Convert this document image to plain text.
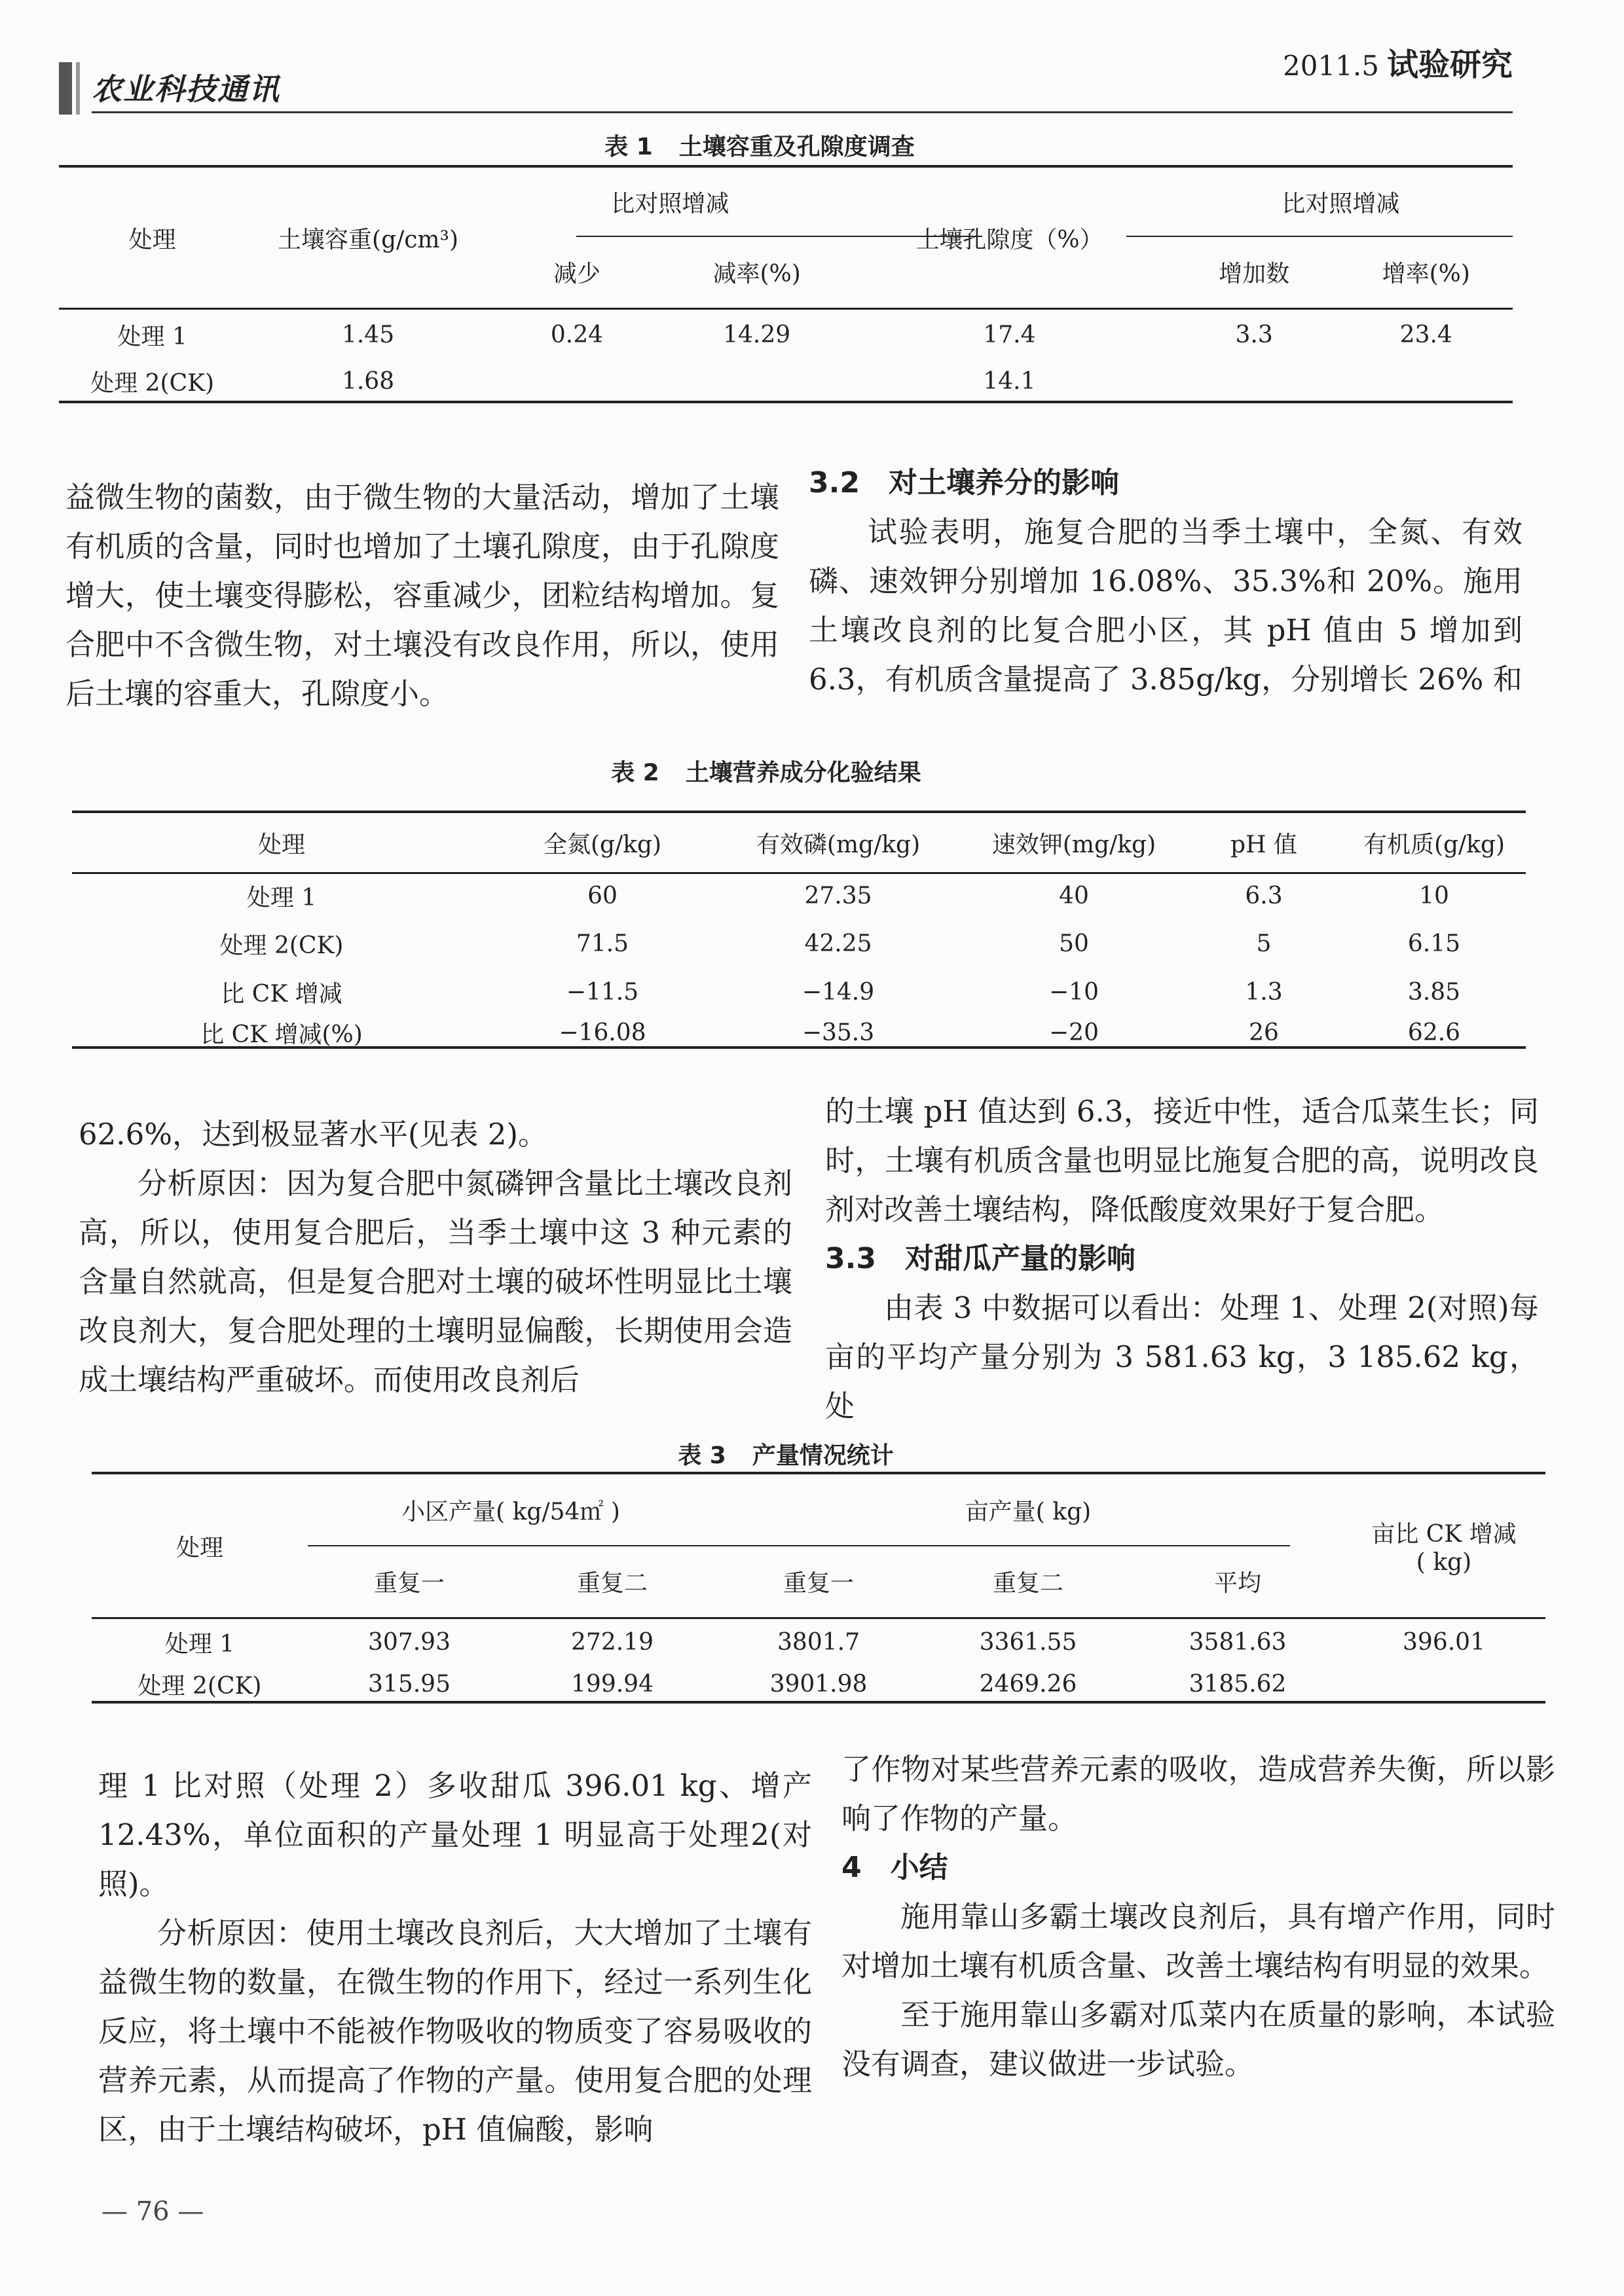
农业科技通讯
2011.5 试验研究
表 1 土壤容重及孔隙度调查
处理	土壤容重(g/cm³)	比对照增减		土壤孔隙度（%）	比对照增减	
		减少	减率(%)		增加数	增率(%)
处理 1	1.45	0.24	14.29	17.4	3.3	23.4
处理 2(CK)	1.68			14.1		

益微生物的菌数，由于微生物的大量活动，增加了土壤有机质的含量，同时也增加了土壤孔隙度，由于孔隙度增大，使土壤变得膨松，容重减少，团粒结构增加。复合肥中不含微生物，对土壤没有改良作用，所以，使用后土壤的容重大，孔隙度小。

3.2　对土壤养分的影响

试验表明，施复合肥的当季土壤中，全氮、有效磷、速效钾分别增加 16.08%、35.3%和 20%。施用土壤改良剂的比复合肥小区，其 pH 值由 5 增加到 6.3，有机质含量提高了 3.85g/kg，分别增长 26% 和

表 2 土壤营养成分化验结果
处理	全氮(g/kg)	有效磷(mg/kg)	速效钾(mg/kg)	pH 值	有机质(g/kg)
处理 1	60	27.35	40	6.3	10
处理 2(CK)	71.5	42.25	50	5	6.15
比 CK 增减	−11.5	−14.9	−10	1.3	3.85
比 CK 增减(%)	−16.08	−35.3	−20	26	62.6

62.6%，达到极显著水平(见表 2)。

分析原因：因为复合肥中氮磷钾含量比土壤改良剂高，所以，使用复合肥后，当季土壤中这 3 种元素的含量自然就高，但是复合肥对土壤的破坏性明显比土壤改良剂大，复合肥处理的土壤明显偏酸，长期使用会造成土壤结构严重破坏。而使用改良剂后

的土壤 pH 值达到 6.3，接近中性，适合瓜菜生长；同时，土壤有机质含量也明显比施复合肥的高，说明改良剂对改善土壤结构，降低酸度效果好于复合肥。

3.3　对甜瓜产量的影响

由表 3 中数据可以看出：处理 1、处理 2(对照)每亩的平均产量分别为 3 581.63 kg，3 185.62 kg，处

表 3 产量情况统计
处理	小区产量( kg/54㎡ )		亩产量( kg)			亩比 CK 增减
( kg)
	重复一	重复二	重复一	重复二	平均	
处理 1	307.93	272.19	3801.7	3361.55	3581.63	396.01
处理 2(CK)	315.95	199.94	3901.98	2469.26	3185.62	

理 1 比对照（处理 2）多收甜瓜 396.01 kg、增产 12.43%，单位面积的产量处理 1 明显高于处理2(对照)。

分析原因：使用土壤改良剂后，大大增加了土壤有益微生物的数量，在微生物的作用下，经过一系列生化反应，将土壤中不能被作物吸收的物质变了容易吸收的营养元素，从而提高了作物的产量。使用复合肥的处理区，由于土壤结构破坏，pH 值偏酸，影响

了作物对某些营养元素的吸收，造成营养失衡，所以影响了作物的产量。

4　小结

施用靠山多霸土壤改良剂后，具有增产作用，同时对增加土壤有机质含量、改善土壤结构有明显的效果。

至于施用靠山多霸对瓜菜内在质量的影响，本试验没有调查，建议做进一步试验。

— 76 —
